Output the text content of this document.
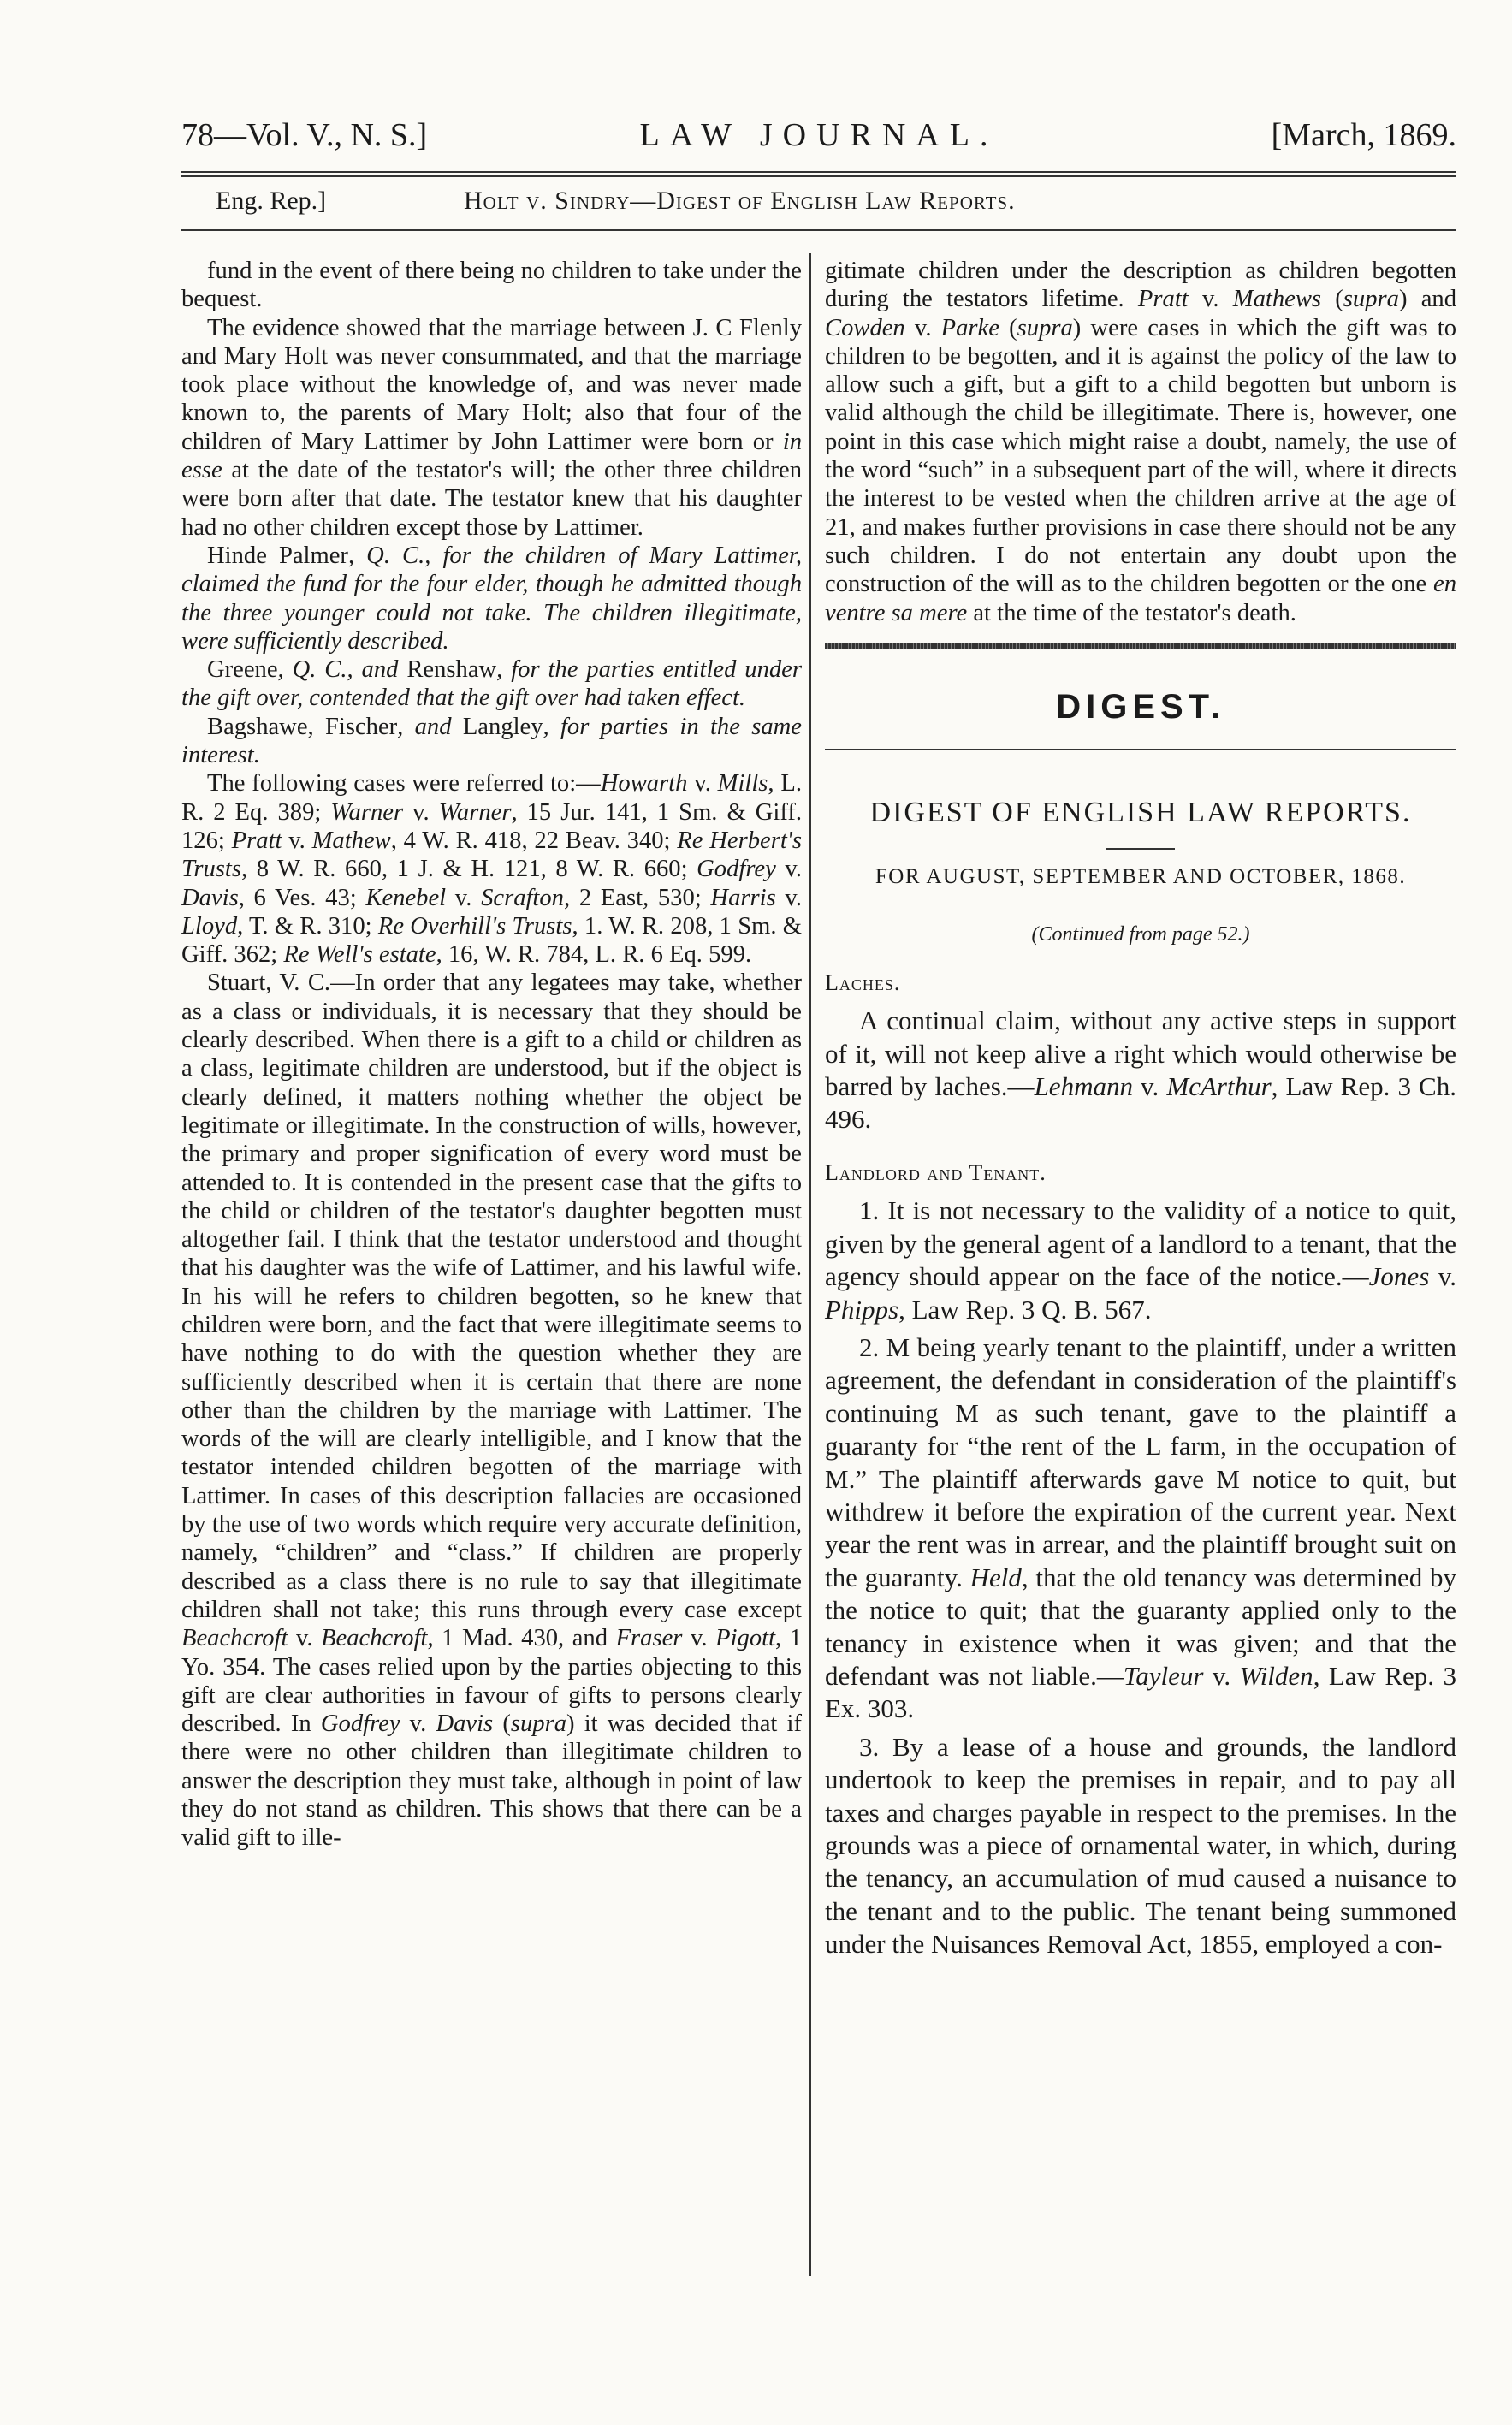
78—Vol. V., N. S.]	LAW JOURNAL.	[March, 1869.
Eng. Rep.]	Holt v. Sindry—Digest of English Law Reports.

fund in the event of there being no children to take under the bequest.

The evidence showed that the marriage between J. C Flenly and Mary Holt was never consummated, and that the marriage took place without the knowledge of, and was never made known to, the parents of Mary Holt; also that four of the children of Mary Lattimer by John Lattimer were born or in esse at the date of the testator's will; the other three children were born after that date. The testator knew that his daughter had no other children except those by Lattimer.

Hinde Palmer, Q. C., for the children of Mary Lattimer, claimed the fund for the four elder, though he admitted though the three younger could not take. The children illegitimate, were sufficiently described.

Greene, Q. C., and Renshaw, for the parties entitled under the gift over, contended that the gift over had taken effect.

Bagshawe, Fischer, and Langley, for parties in the same interest.

The following cases were referred to:—Howarth v. Mills, L. R. 2 Eq. 389; Warner v. Warner, 15 Jur. 141, 1 Sm. & Giff. 126; Pratt v. Mathew, 4 W. R. 418, 22 Beav. 340; Re Herbert's Trusts, 8 W. R. 660, 1 J. & H. 121, 8 W. R. 660; Godfrey v. Davis, 6 Ves. 43; Kenebel v. Scrafton, 2 East, 530; Harris v. Lloyd, T. & R. 310; Re Overhill's Trusts, 1. W. R. 208, 1 Sm. & Giff. 362; Re Well's estate, 16, W. R. 784, L. R. 6 Eq. 599.

Stuart, V. C.—In order that any legatees may take, whether as a class or individuals, it is necessary that they should be clearly described. When there is a gift to a child or children as a class, legitimate children are understood, but if the object is clearly defined, it matters nothing whether the object be legitimate or illegitimate. In the construction of wills, however, the primary and proper signification of every word must be attended to. It is contended in the present case that the gifts to the child or children of the testator's daughter begotten must altogether fail. I think that the testator understood and thought that his daughter was the wife of Lattimer, and his lawful wife. In his will he refers to children begotten, so he knew that children were born, and the fact that were illegitimate seems to have nothing to do with the question whether they are sufficiently described when it is certain that there are none other than the children by the marriage with Lattimer. The words of the will are clearly intelligible, and I know that the testator intended children begotten of the marriage with Lattimer. In cases of this description fallacies are occasioned by the use of two words which require very accurate definition, namely, “children” and “class.” If children are properly described as a class there is no rule to say that illegitimate children shall not take; this runs through every case except Beachcroft v. Beachcroft, 1 Mad. 430, and Fraser v. Pigott, 1 Yo. 354. The cases relied upon by the parties objecting to this gift are clear authorities in favour of gifts to persons clearly described. In Godfrey v. Davis (supra) it was decided that if there were no other children than illegitimate children to answer the description they must take, although in point of law they do not stand as children. This shows that there can be a valid gift to ille-

gitimate children under the description as children begotten during the testators lifetime. Pratt v. Mathews (supra) and Cowden v. Parke (supra) were cases in which the gift was to children to be begotten, and it is against the policy of the law to allow such a gift, but a gift to a child begotten but unborn is valid although the child be illegitimate. There is, however, one point in this case which might raise a doubt, namely, the use of the word “such” in a subsequent part of the will, where it directs the interest to be vested when the children arrive at the age of 21, and makes further provisions in case there should not be any such children. I do not entertain any doubt upon the construction of the will as to the children begotten or the one en ventre sa mere at the time of the testator's death.

DIGEST.
DIGEST OF ENGLISH LAW REPORTS.
FOR AUGUST, SEPTEMBER AND OCTOBER, 1868.
(Continued from page 52.)
Laches.

A continual claim, without any active steps in support of it, will not keep alive a right which would otherwise be barred by laches.—Lehmann v. McArthur, Law Rep. 3 Ch. 496.

Landlord and Tenant.

1. It is not necessary to the validity of a notice to quit, given by the general agent of a landlord to a tenant, that the agency should appear on the face of the notice.—Jones v. Phipps, Law Rep. 3 Q. B. 567.

2. M being yearly tenant to the plaintiff, under a written agreement, the defendant in consideration of the plaintiff's continuing M as such tenant, gave to the plaintiff a guaranty for “the rent of the L farm, in the occupation of M.” The plaintiff afterwards gave M notice to quit, but withdrew it before the expiration of the current year. Next year the rent was in arrear, and the plaintiff brought suit on the guaranty. Held, that the old tenancy was determined by the notice to quit; that the guaranty applied only to the tenancy in existence when it was given; and that the defendant was not liable.—Tayleur v. Wilden, Law Rep. 3 Ex. 303.

3. By a lease of a house and grounds, the landlord undertook to keep the premises in repair, and to pay all taxes and charges payable in respect to the premises. In the grounds was a piece of ornamental water, in which, during the tenancy, an accumulation of mud caused a nuisance to the tenant and to the public. The tenant being summoned under the Nuisances Removal Act, 1855, employed a con-
